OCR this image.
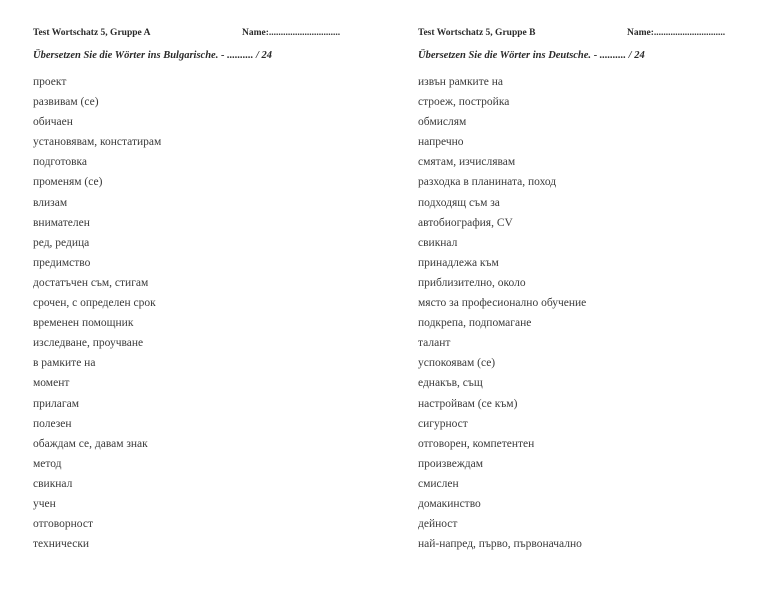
Test Wortschatz 5, Gruppe A	Name:..............................
Übersetzen Sie die Wörter ins Bulgarische. - .......... / 24
проект
развивам (се)
обичаен
установявам, констатирам
подготовка
променям (се)
влизам
внимателен
ред, редица
предимство
достатъчен съм, стигам
срочен, с определен срок
временен помощник
изследване, проучване
в рамките на
момент
прилагам
полезен
обаждам се, давам знак
метод
свикнал
учен
отговорност
технически
Test Wortschatz 5, Gruppe B	Name:..............................
Übersetzen Sie die Wörter ins Deutsche. - .......... / 24
извън рамките на
строеж, постройка
обмислям
напречно
смятам, изчислявам
разходка в планината, поход
подходящ съм за
автобиография, CV
свикнал
принадлежа към
приблизително, около
място за професионално обучение
подкрепа, подпомагане
талант
успокоявам (се)
еднакъв, същ
настройвам (се към)
сигурност
отговорен, компетентен
произвеждам
смислен
домакинство
дейност
най-напред, първо, първоначално
